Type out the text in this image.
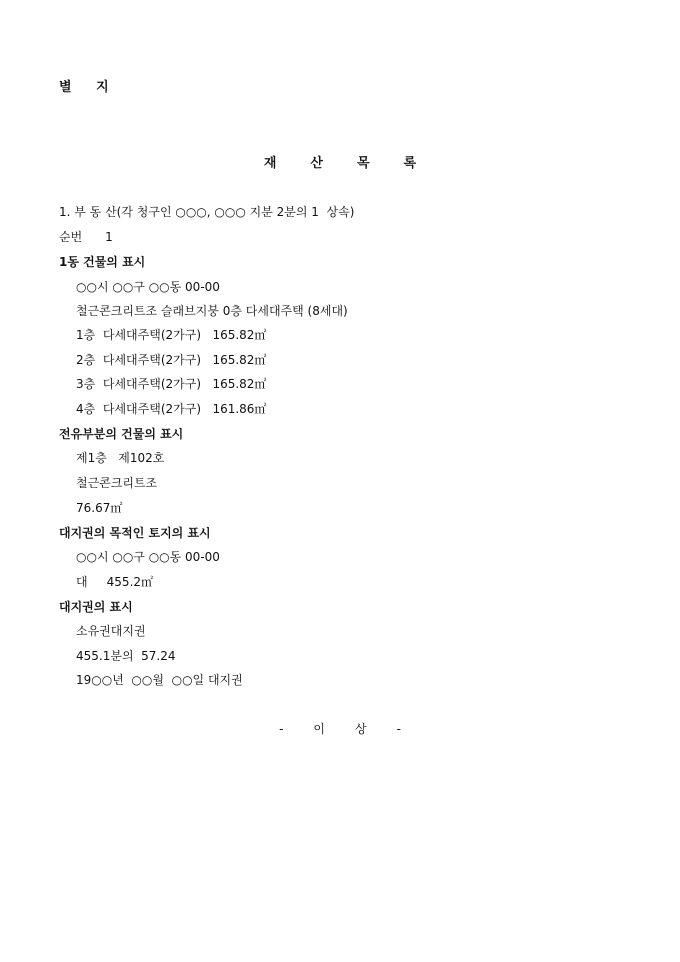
별 지
재산목록
1. 부 동 산(각 청구인 ○○○, ○○○ 지분 2분의 1  상속)
순번      1
1동 건물의 표시
○○시 ○○구 ○○동 00-00
철근콘크리트조 슬래브지붕 0층 다세대주택 (8세대)
1층  다세대주택(2가구)   165.82㎡
2층  다세대주택(2가구)   165.82㎡
3층  다세대주택(2가구)   165.82㎡
4층  다세대주택(2가구)   161.86㎡
전유부분의 건물의 표시
제1층   제102호
철근콘크리트조
76.67㎡
대지권의 목적인 토지의 표시
○○시 ○○구 ○○동 00-00
대     455.2㎡
대지권의 표시
소유권대지권
455.1분의  57.24
19○○년  ○○월  ○○일 대지권
-이상-
